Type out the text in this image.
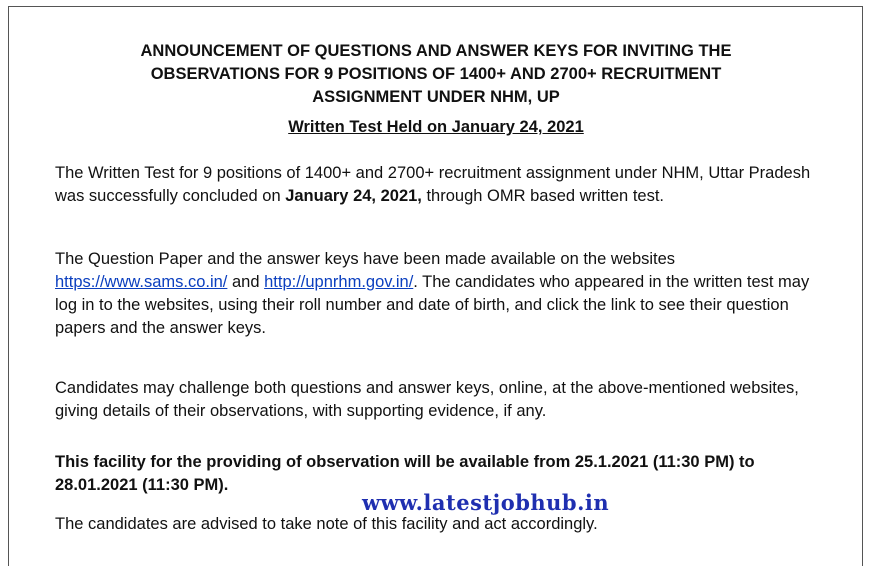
ANNOUNCEMENT OF QUESTIONS AND ANSWER KEYS FOR INVITING THE
OBSERVATIONS FOR 9 POSITIONS OF 1400+ AND 2700+ RECRUITMENT
ASSIGNMENT UNDER NHM, UP

Written Test Held on January 24, 2021

The Written Test for 9 positions of 1400+ and 2700+ recruitment assignment under NHM, Uttar Pradesh was successfully concluded on January 24, 2021, through OMR based written test.

The Question Paper and the answer keys have been made available on the websites https://www.sams.co.in/ and http://upnrhm.gov.in/. The candidates who appeared in the written test may log in to the websites, using their roll number and date of birth, and click the link to see their question papers and the answer keys.

Candidates may challenge both questions and answer keys, online, at the above-mentioned websites, giving details of their observations, with supporting evidence, if any.

This facility for the providing of observation will be available from 25.1.2021 (11:30 PM) to 28.01.2021 (11:30 PM).

www.latestjobhub.in

The candidates are advised to take note of this facility and act accordingly.
